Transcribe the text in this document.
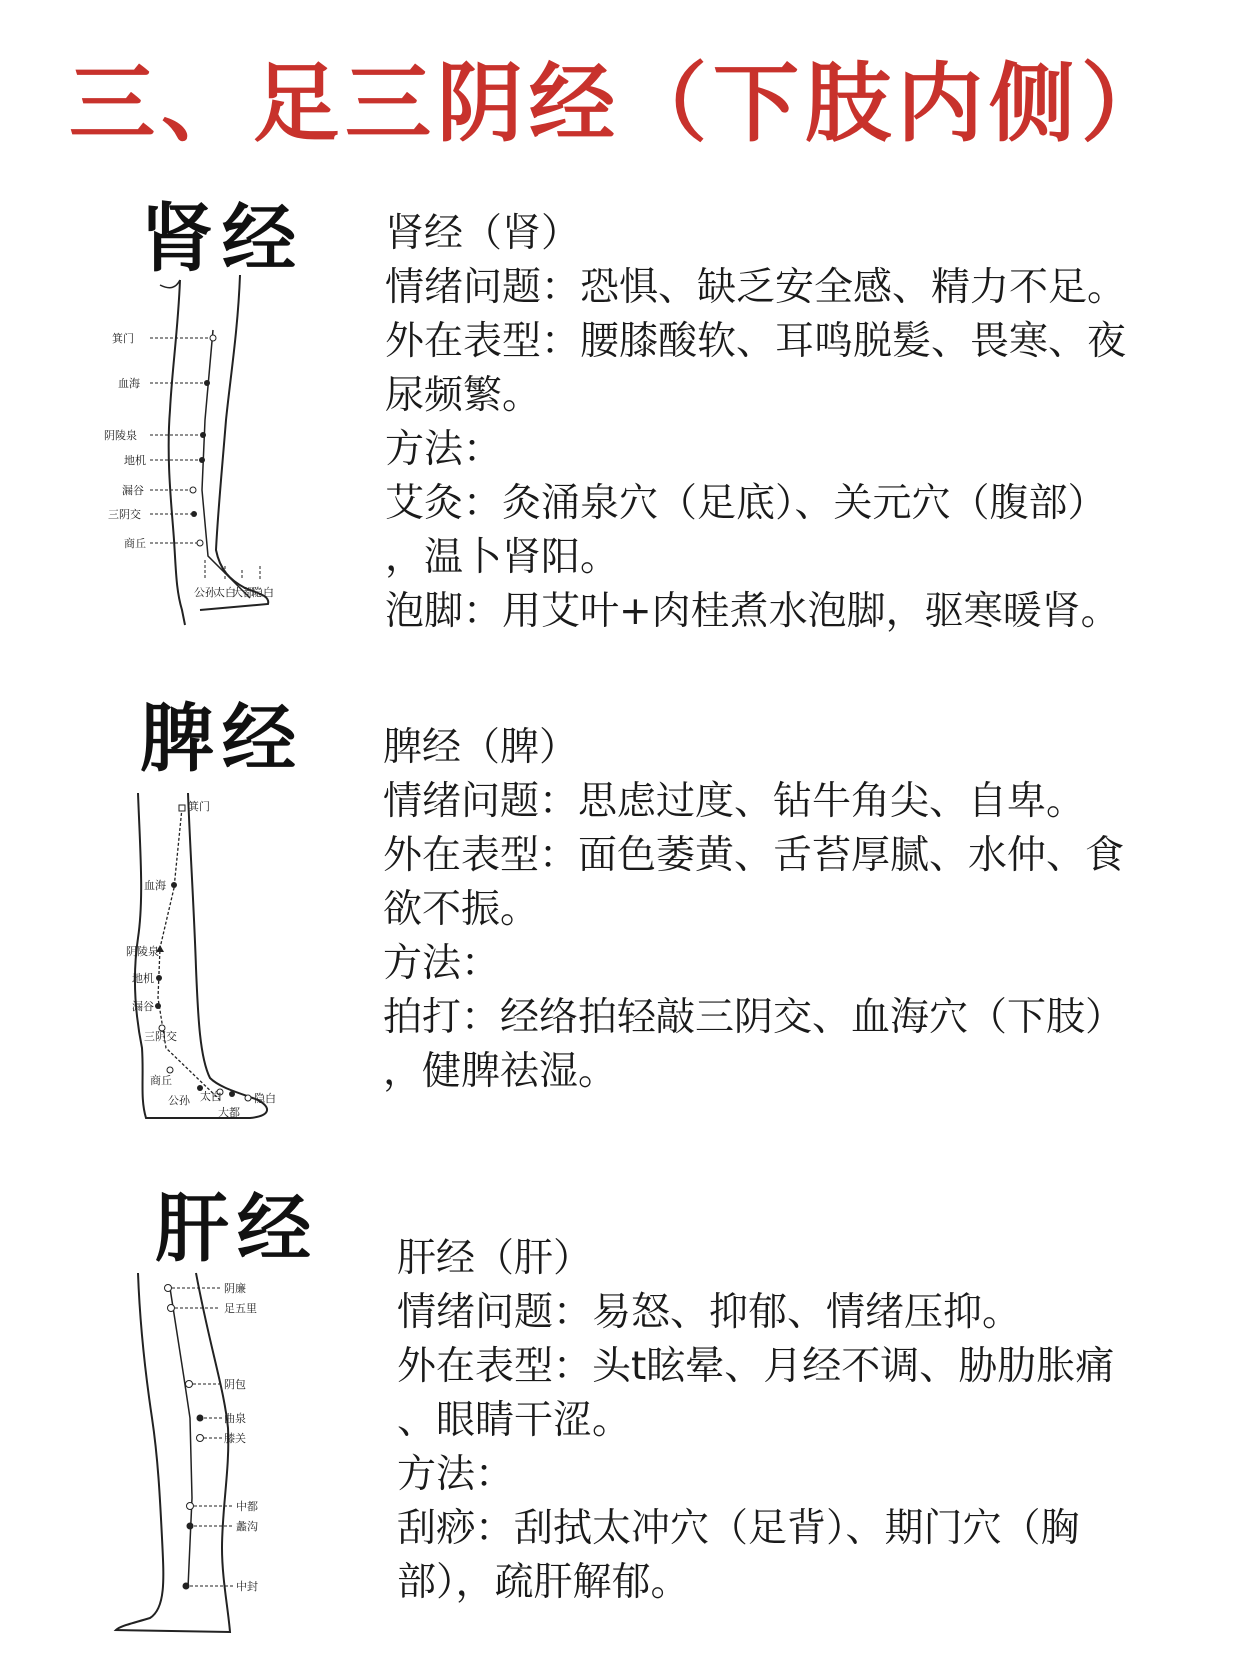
三、足三阴经（下肢内侧）
肾经
箕门
血海
阴陵泉
地机
漏谷
三阴交
商丘
公孙
太白
大都
隐白
肾经（肾）
情绪问题：恐惧、缺乏安全感、精力不足。
外在表型：腰膝酸软、耳鸣脱髪、畏寒、夜
尿频繁。
方法：
艾灸：灸涌泉穴（足底）、关元穴（腹部）
，温卜肾阳。
泡脚：用艾叶+肉桂煮水泡脚，驱寒暖肾。
脾经
箕门
血海
阴陵泉
地机
漏谷
三阴交
商丘
公孙 太白
大都
隐白
脾经（脾）
情绪问题：思虑过度、钻牛角尖、自卑。
外在表型：面色萎黄、舌苔厚腻、水仲、食
欲不振。
方法：
拍打：经络拍轻敲三阴交、血海穴（下肢）
，健脾祛湿。
肝经
阴廉
足五里
阴包
曲泉
膝关
中都
蠡沟
中封
肝经（肝）
情绪问题：易怒、抑郁、情绪压抑。
外在表型：头t眩晕、月经不调、胁肋胀痛
、眼睛干涩。
方法：
刮痧：刮拭太冲穴（足背）、期门穴（胸
部），疏肝解郁。
